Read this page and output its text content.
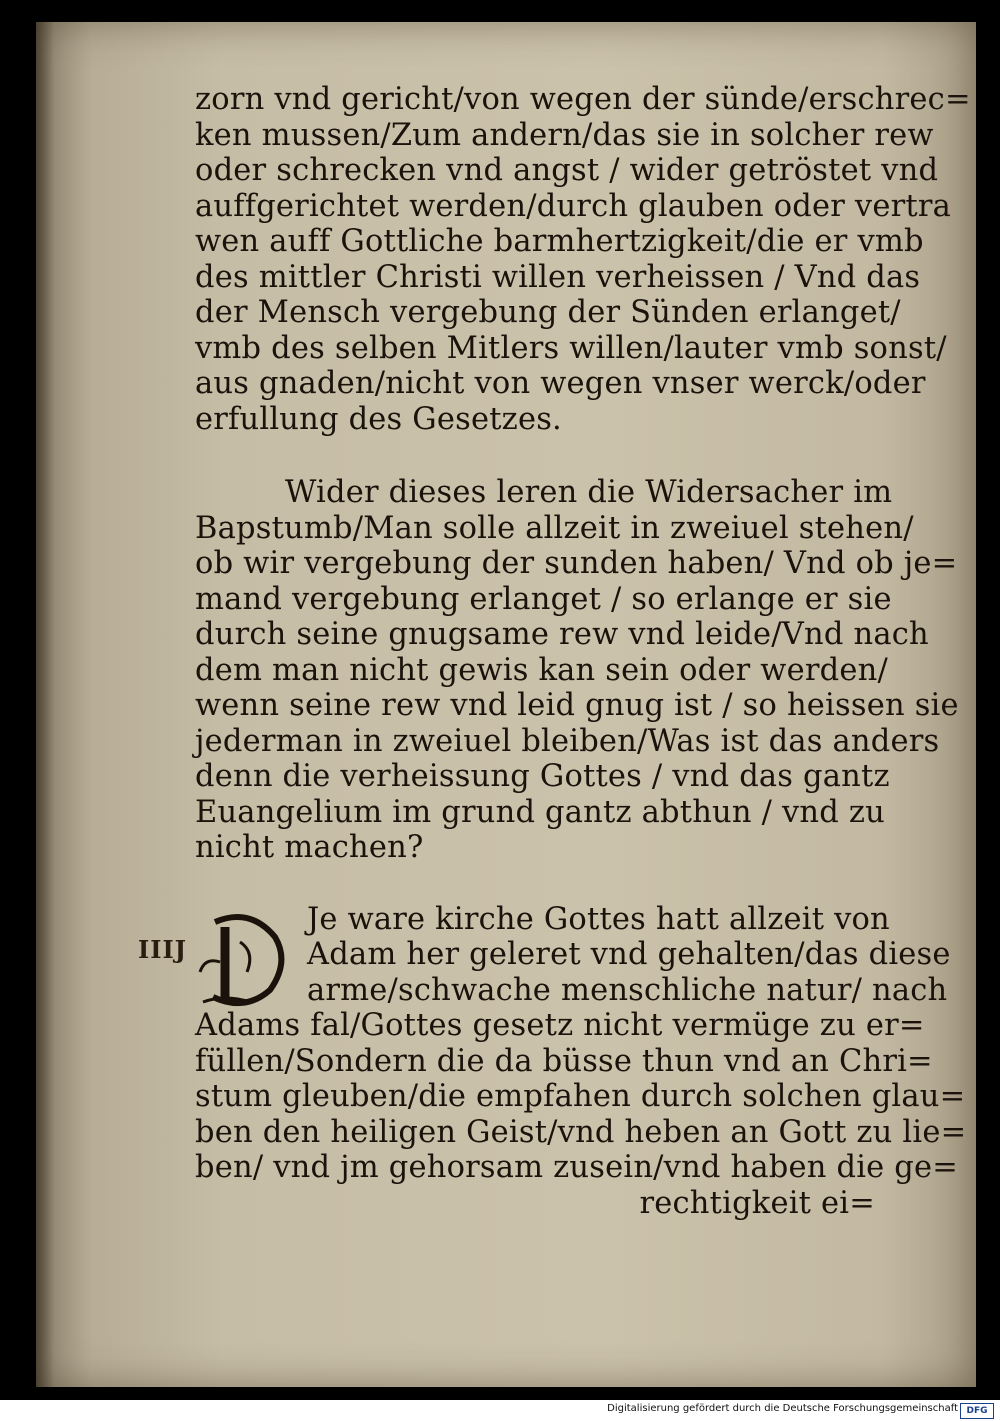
IIIJ
zorn vnd gericht/von wegen der sünde/erschrec=
ken mussen/Zum andern/das sie in solcher rew
oder schrecken vnd angst / wider getröstet vnd
auffgerichtet werden/durch glauben oder vertra
wen auff Gottliche barmhertzigkeit/die er vmb
des mittler Christi willen verheissen / Vnd das
der Mensch vergebung der Sünden erlanget/
vmb des selben Mitlers willen/lauter vmb sonst/
aus gnaden/nicht von wegen vnser werck/oder
erfullung des Gesetzes.
Wider dieses leren die Widersacher im
Bapstumb/Man solle allzeit in zweiuel stehen/
ob wir vergebung der sunden haben/ Vnd ob je=
mand vergebung erlanget / so erlange er sie
durch seine gnugsame rew vnd leide/Vnd nach
dem man nicht gewis kan sein oder werden/
wenn seine rew vnd leid gnug ist / so heissen sie
jederman in zweiuel bleiben/Was ist das anders
denn die verheissung Gottes / vnd das gantz
Euangelium im grund gantz abthun / vnd zu
nicht machen?
Je ware kirche Gottes hatt allzeit von
Adam her geleret vnd gehalten/das diese
arme/schwache menschliche natur/ nach
Adams fal/Gottes gesetz nicht vermüge zu er=
füllen/Sondern die da büsse thun vnd an Chri=
stum gleuben/die empfahen durch solchen glau=
ben den heiligen Geist/vnd heben an Gott zu lie=
ben/ vnd jm gehorsam zusein/vnd haben die ge=
rechtigkeit ei=
Digitalisierung gefördert durch die Deutsche Forschungsgemeinschaft DFG
